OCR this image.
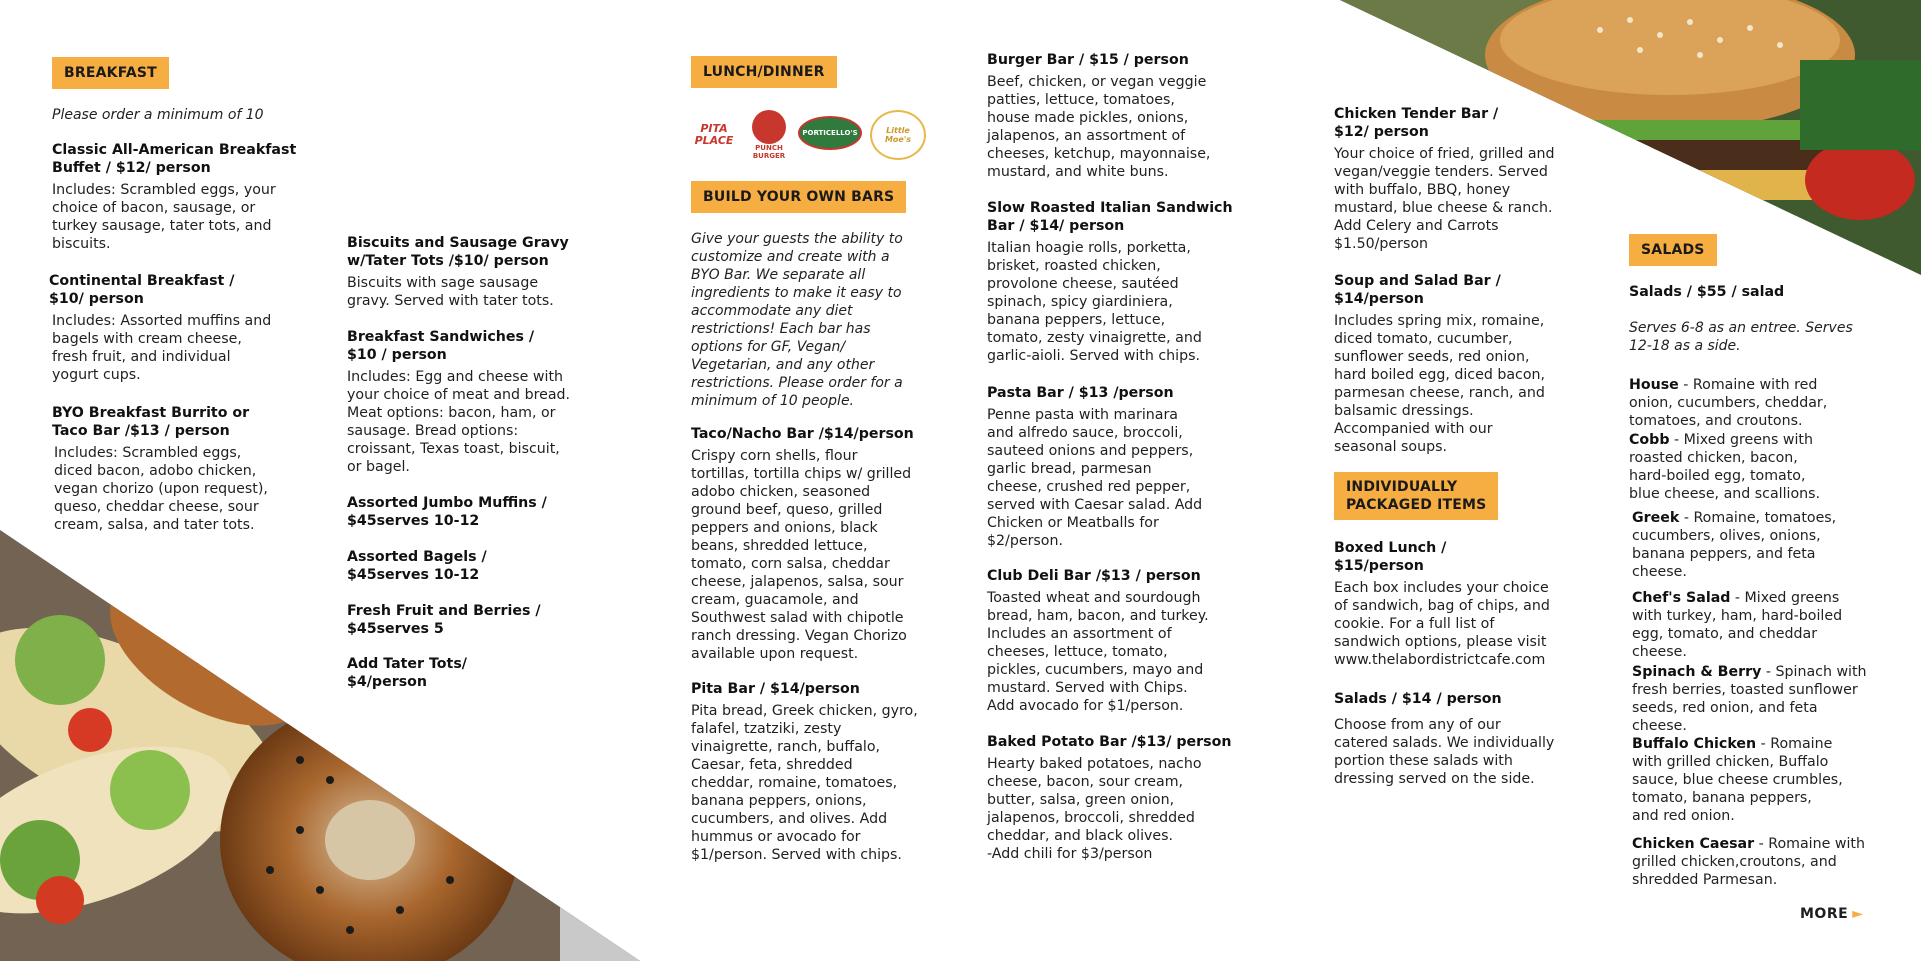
BREAKFAST
Please order a minimum of 10

Classic All-American Breakfast
Buffet / $12/ person

Includes: Scrambled eggs, your
choice of bacon, sausage, or
turkey sausage, tater tots, and
biscuits.

Continental Breakfast /
$10/ person

Includes: Assorted muffins and
bagels with cream cheese,
fresh fruit, and individual
yogurt cups.

BYO Breakfast Burrito or
Taco Bar /$13 / person

Includes: Scrambled eggs,
diced bacon, adobo chicken,
vegan chorizo (upon request),
queso, cheddar cheese, sour
cream, salsa, and tater tots.

Biscuits and Sausage Gravy
w/Tater Tots /$10/ person

Biscuits with sage sausage
gravy. Served with tater tots.

Breakfast Sandwiches /
$10 / person

Includes: Egg and cheese with
your choice of meat and bread.
Meat options: bacon, ham, or
sausage. Bread options:
croissant, Texas toast, biscuit,
or bagel.

Assorted Jumbo Muffins /
$45serves 10-12

Assorted Bagels /
$45serves 10-12

Fresh Fruit and Berries /
$45serves 5

Add Tater Tots/
$4/person

LUNCH/DINNER
PITA
PLACE
PUNCH
BURGER
PORTICELLO'S	Little Moe's
BUILD YOUR OWN BARS
Give your guests the ability to
customize and create with a
BYO Bar. We separate all
ingredients to make it easy to
accommodate any diet
restrictions! Each bar has
options for GF, Vegan/
Vegetarian, and any other
restrictions. Please order for a
minimum of 10 people.

Taco/Nacho Bar /$14/person

Crispy corn shells, flour
tortillas, tortilla chips w/ grilled
adobo chicken, seasoned
ground beef, queso, grilled
peppers and onions, black
beans, shredded lettuce,
tomato, corn salsa, cheddar
cheese, jalapenos, salsa, sour
cream, guacamole, and
Southwest salad with chipotle
ranch dressing. Vegan Chorizo
available upon request.

Pita Bar / $14/person

Pita bread, Greek chicken, gyro,
falafel, tzatziki, zesty
vinaigrette, ranch, buffalo,
Caesar, feta, shredded
cheddar, romaine, tomatoes,
banana peppers, onions,
cucumbers, and olives. Add
hummus or avocado for
$1/person. Served with chips.

Burger Bar / $15 / person

Beef, chicken, or vegan veggie
patties, lettuce, tomatoes,
house made pickles, onions,
jalapenos, an assortment of
cheeses, ketchup, mayonnaise,
mustard, and white buns.

Slow Roasted Italian Sandwich
Bar / $14/ person

Italian hoagie rolls, porketta,
brisket, roasted chicken,
provolone cheese, sautéed
spinach, spicy giardiniera,
banana peppers, lettuce,
tomato, zesty vinaigrette, and
garlic-aioli. Served with chips.

Pasta Bar / $13 /person

Penne pasta with marinara
and alfredo sauce, broccoli,
sauteed onions and peppers,
garlic bread, parmesan
cheese, crushed red pepper,
served with Caesar salad. Add
Chicken or Meatballs for
$2/person.

Club Deli Bar /$13 / person

Toasted wheat and sourdough
bread, ham, bacon, and turkey.
Includes an assortment of
cheeses, lettuce, tomato,
pickles, cucumbers, mayo and
mustard. Served with Chips.
Add avocado for $1/person.

Baked Potato Bar /$13/ person

Hearty baked potatoes, nacho
cheese, bacon, sour cream,
butter, salsa, green onion,
jalapenos, broccoli, shredded
cheddar, and black olives.
-Add chili for $3/person

Chicken Tender Bar /
$12/ person

Your choice of fried, grilled and
vegan/veggie tenders. Served
with buffalo, BBQ, honey
mustard, blue cheese & ranch.
Add Celery and Carrots
$1.50/person

Soup and Salad Bar /
$14/person

Includes spring mix, romaine,
diced tomato, cucumber,
sunflower seeds, red onion,
hard boiled egg, diced bacon,
parmesan cheese, ranch, and
balsamic dressings.
Accompanied with our
seasonal soups.

INDIVIDUALLY
PACKAGED ITEMS

Boxed Lunch /
$15/person

Each box includes your choice
of sandwich, bag of chips, and
cookie. For a full list of
sandwich options, please visit
www.thelabordistrictcafe.com

Salads / $14 / person

Choose from any of our
catered salads. We individually
portion these salads with
dressing served on the side.

SALADS

Salads / $55 / salad

Serves 6-8 as an entree. Serves
12-18 as a side.
House - Romaine with red
onion, cucumbers, cheddar,
tomatoes, and croutons.
Cobb - Mixed greens with
roasted chicken, bacon,
hard-boiled egg, tomato,
blue cheese, and scallions.
Greek - Romaine, tomatoes,
cucumbers, olives, onions,
banana peppers, and feta
cheese.
Chef's Salad - Mixed greens
with turkey, ham, hard-boiled
egg, tomato, and cheddar
cheese.
Spinach & Berry - Spinach with
fresh berries, toasted sunflower
seeds, red onion, and feta
cheese.
Buffalo Chicken - Romaine
with grilled chicken, Buffalo
sauce, blue cheese crumbles,
tomato, banana peppers,
and red onion.
Chicken Caesar - Romaine with
grilled chicken,croutons, and
shredded Parmesan.
MORE ►
